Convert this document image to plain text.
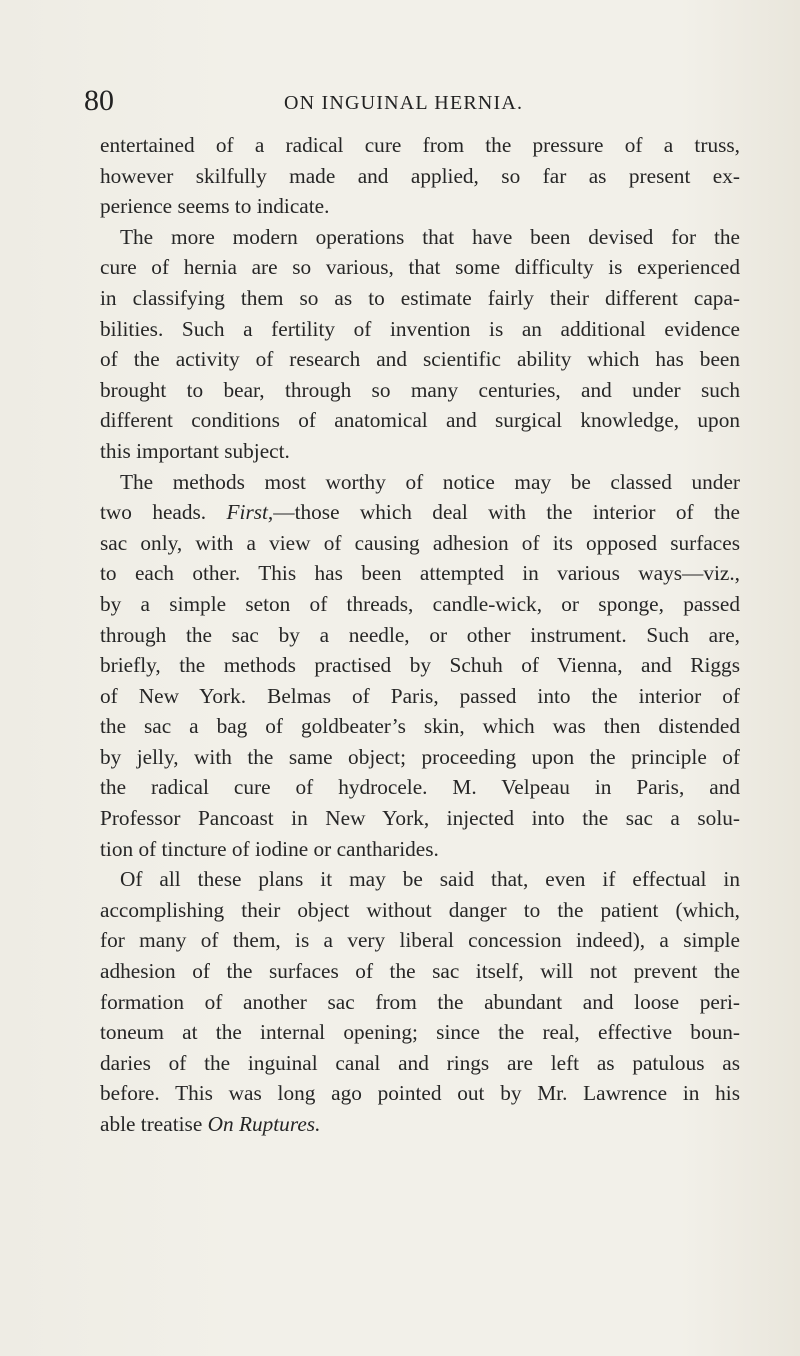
80	ON INGUINAL HERNIA.
entertained of a radical cure from the pressure of a truss,
however skilfully made and applied, so far as present ex-
perience seems to indicate.
The more modern operations that have been devised for the
cure of hernia are so various, that some difficulty is experienced
in classifying them so as to estimate fairly their different capa-
bilities. Such a fertility of invention is an additional evidence
of the activity of research and scientific ability which has been
brought to bear, through so many centuries, and under such
different conditions of anatomical and surgical knowledge, upon
this important subject.
The methods most worthy of notice may be classed under
two heads. First,—those which deal with the interior of the
sac only, with a view of causing adhesion of its opposed surfaces
to each other. This has been attempted in various ways—viz.,
by a simple seton of threads, candle-wick, or sponge, passed
through the sac by a needle, or other instrument. Such are,
briefly, the methods practised by Schuh of Vienna, and Riggs
of New York. Belmas of Paris, passed into the interior of
the sac a bag of goldbeater’s skin, which was then distended
by jelly, with the same object; proceeding upon the principle of
the radical cure of hydrocele. M. Velpeau in Paris, and
Professor Pancoast in New York, injected into the sac a solu-
tion of tincture of iodine or cantharides.
Of all these plans it may be said that, even if effectual in
accomplishing their object without danger to the patient (which,
for many of them, is a very liberal concession indeed), a simple
adhesion of the surfaces of the sac itself, will not prevent the
formation of another sac from the abundant and loose peri-
toneum at the internal opening; since the real, effective boun-
daries of the inguinal canal and rings are left as patulous as
before. This was long ago pointed out by Mr. Lawrence in his
able treatise On Ruptures.
